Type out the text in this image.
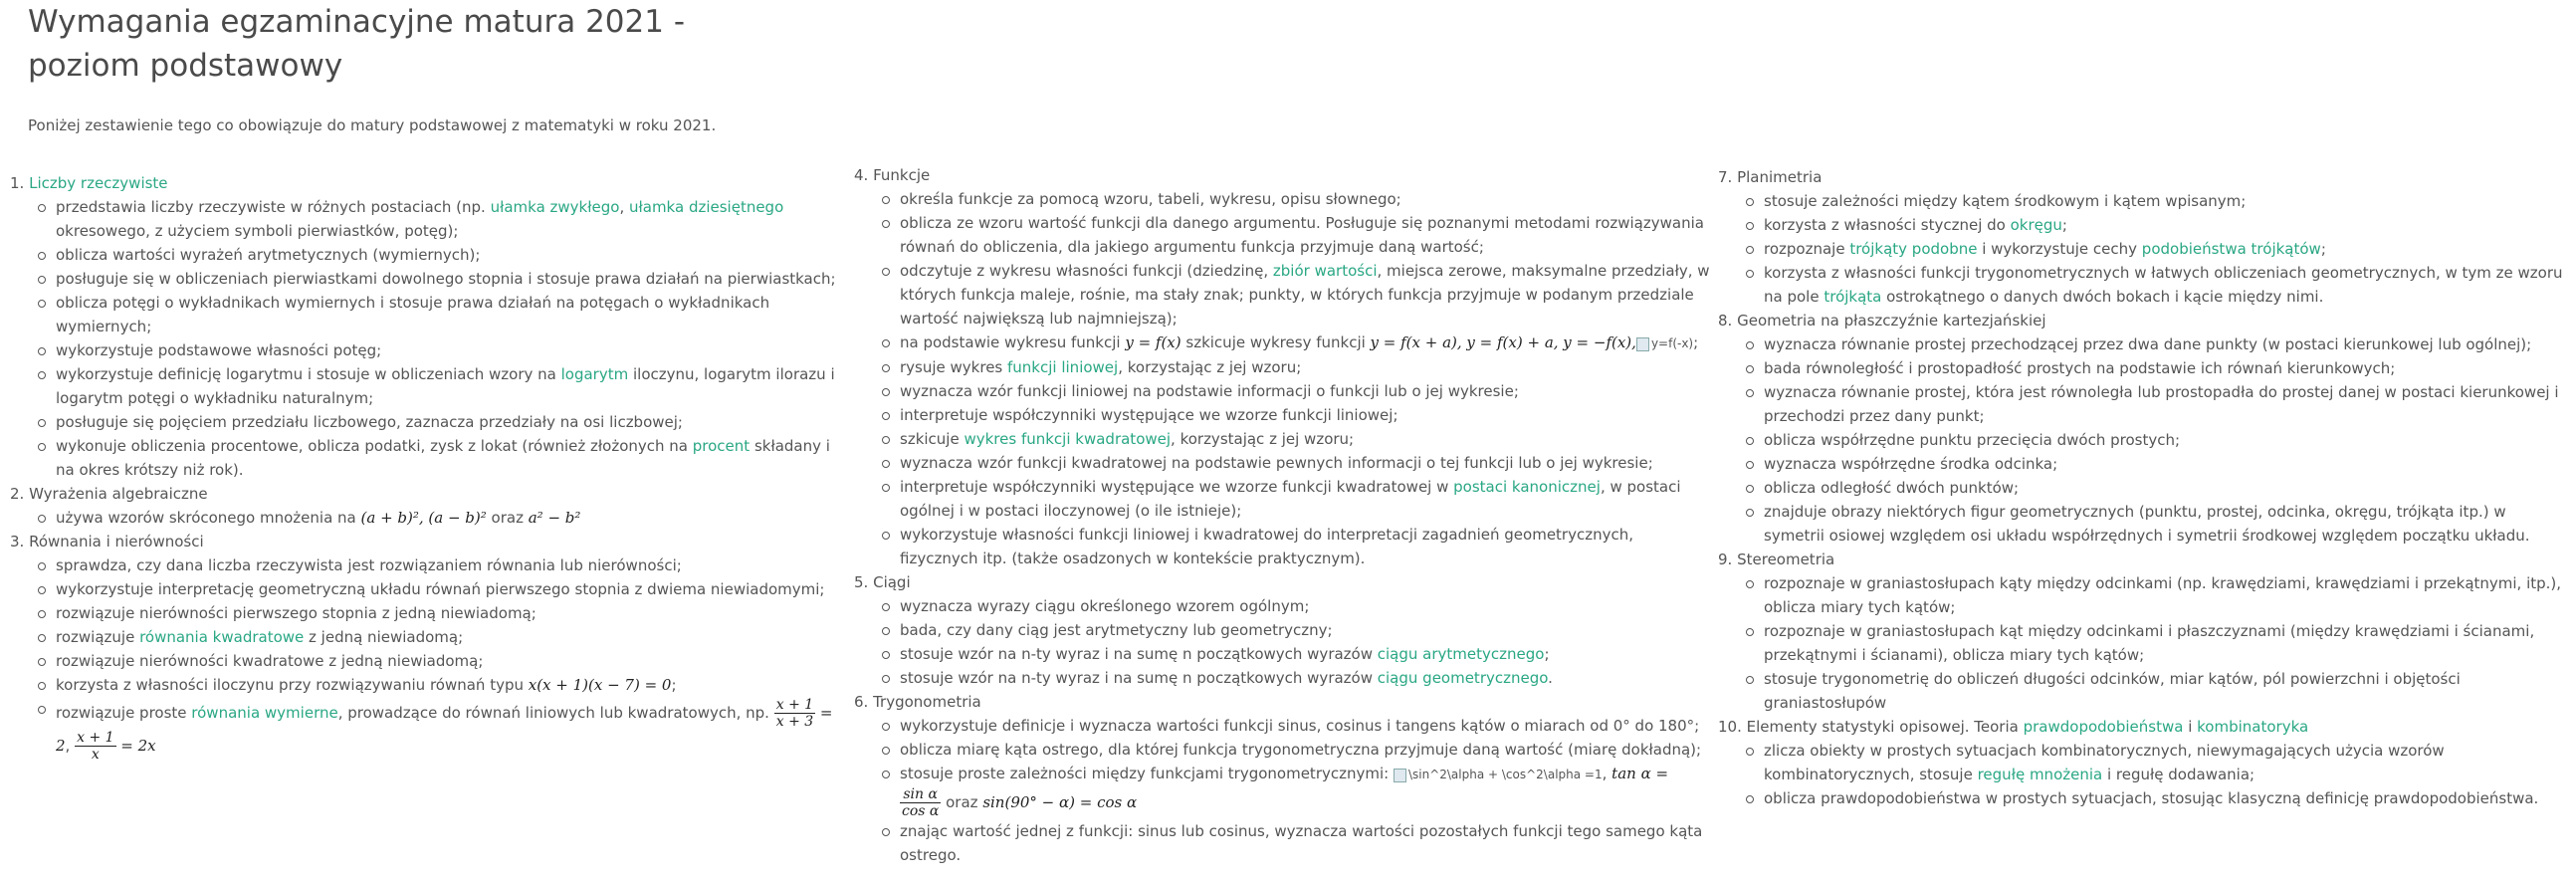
Wymagania egzaminacyjne matura 2021 - poziom podstawowy

Poniżej zestawienie tego co obowiązuje do matury podstawowej z matematyki w roku 2021.

1. Liczby rzeczywiste
przedstawia liczby rzeczywiste w różnych postaciach (np. ułamka zwykłego, ułamka dziesiętnego okresowego, z użyciem symboli pierwiastków, potęg);
oblicza wartości wyrażeń arytmetycznych (wymiernych);
posługuje się w obliczeniach pierwiastkami dowolnego stopnia i stosuje prawa działań na pierwiastkach;
oblicza potęgi o wykładnikach wymiernych i stosuje prawa działań na potęgach o wykładnikach wymiernych;
wykorzystuje podstawowe własności potęg;
wykorzystuje definicję logarytmu i stosuje w obliczeniach wzory na logarytm iloczynu, logarytm ilorazu i logarytm potęgi o wykładniku naturalnym;
posługuje się pojęciem przedziału liczbowego, zaznacza przedziały na osi liczbowej;
wykonuje obliczenia procentowe, oblicza podatki, zysk z lokat (również złożonych na procent składany i na okres krótszy niż rok).
2. Wyrażenia algebraiczne
używa wzorów skróconego mnożenia na (a + b)², (a − b)² oraz a² − b²
3. Równania i nierówności
sprawdza, czy dana liczba rzeczywista jest rozwiązaniem równania lub nierówności;
wykorzystuje interpretację geometryczną układu równań pierwszego stopnia z dwiema niewiadomymi;
rozwiązuje nierówności pierwszego stopnia z jedną niewiadomą;
rozwiązuje równania kwadratowe z jedną niewiadomą;
rozwiązuje nierówności kwadratowe z jedną niewiadomą;
korzysta z własności iloczynu przy rozwiązywaniu równań typu x(x + 1)(x − 7) = 0;
rozwiązuje proste równania wymierne, prowadzące do równań liniowych lub kwadratowych, np. $\frac{x + 1}{x + 3} = 2$, $\frac{x + 1}{x} = 2x$
4. Funkcje
określa funkcje za pomocą wzoru, tabeli, wykresu, opisu słownego;
oblicza ze wzoru wartość funkcji dla danego argumentu. Posługuje się poznanymi metodami rozwiązywania równań do obliczenia, dla jakiego argumentu funkcja przyjmuje daną wartość;
odczytuje z wykresu własności funkcji (dziedzinę, zbiór wartości, miejsca zerowe, maksymalne przedziały, w których funkcja maleje, rośnie, ma stały znak; punkty, w których funkcja przyjmuje w podanym przedziale wartość największą lub najmniejszą);
na podstawie wykresu funkcji y = f(x) szkicuje wykresy funkcji y = f(x + a), y = f(x) + a, y = −f(x), y=f(-x);
rysuje wykres funkcji liniowej, korzystając z jej wzoru;
wyznacza wzór funkcji liniowej na podstawie informacji o funkcji lub o jej wykresie;
interpretuje współczynniki występujące we wzorze funkcji liniowej;
szkicuje wykres funkcji kwadratowej, korzystając z jej wzoru;
wyznacza wzór funkcji kwadratowej na podstawie pewnych informacji o tej funkcji lub o jej wykresie;
interpretuje współczynniki występujące we wzorze funkcji kwadratowej w postaci kanonicznej, w postaci ogólnej i w postaci iloczynowej (o ile istnieje);
wykorzystuje własności funkcji liniowej i kwadratowej do interpretacji zagadnień geometrycznych, fizycznych itp. (także osadzonych w kontekście praktycznym).
5. Ciągi
wyznacza wyrazy ciągu określonego wzorem ogólnym;
bada, czy dany ciąg jest arytmetyczny lub geometryczny;
stosuje wzór na n-ty wyraz i na sumę n początkowych wyrazów ciągu arytmetycznego;
stosuje wzór na n-ty wyraz i na sumę n początkowych wyrazów ciągu geometrycznego.
6. Trygonometria
wykorzystuje definicje i wyznacza wartości funkcji sinus, cosinus i tangens kątów o miarach od 0° do 180°;
oblicza miarę kąta ostrego, dla której funkcja trygonometryczna przyjmuje daną wartość (miarę dokładną);
stosuje proste zależności między funkcjami trygonometrycznymi: \sin^2\alpha + \cos^2\alpha =1, tan α =
$\frac{\text{sin α}}{\text{cos α}}$ oraz sin(90° − α) = cos α
znając wartość jednej z funkcji: sinus lub cosinus, wyznacza wartości pozostałych funkcji tego samego kąta ostrego.
7. Planimetria
stosuje zależności między kątem środkowym i kątem wpisanym;
korzysta z własności stycznej do okręgu;
rozpoznaje trójkąty podobne i wykorzystuje cechy podobieństwa trójkątów;
korzysta z własności funkcji trygonometrycznych w łatwych obliczeniach geometrycznych, w tym ze wzoru na pole trójkąta ostrokątnego o danych dwóch bokach i kącie między nimi.
8. Geometria na płaszczyźnie kartezjańskiej
wyznacza równanie prostej przechodzącej przez dwa dane punkty (w postaci kierunkowej lub ogólnej);
bada równoległość i prostopadłość prostych na podstawie ich równań kierunkowych;
wyznacza równanie prostej, która jest równoległa lub prostopadła do prostej danej w postaci kierunkowej i przechodzi przez dany punkt;
oblicza współrzędne punktu przecięcia dwóch prostych;
wyznacza współrzędne środka odcinka;
oblicza odległość dwóch punktów;
znajduje obrazy niektórych figur geometrycznych (punktu, prostej, odcinka, okręgu, trójkąta itp.) w symetrii osiowej względem osi układu współrzędnych i symetrii środkowej względem początku układu.
9. Stereometria
rozpoznaje w graniastosłupach kąty między odcinkami (np. krawędziami, krawędziami i przekątnymi, itp.), oblicza miary tych kątów;
rozpoznaje w graniastosłupach kąt między odcinkami i płaszczyznami (między krawędziami i ścianami, przekątnymi i ścianami), oblicza miary tych kątów;
stosuje trygonometrię do obliczeń długości odcinków, miar kątów, pól powierzchni i objętości graniastosłupów
10. Elementy statystyki opisowej. Teoria prawdopodobieństwa i kombinatoryka
zlicza obiekty w prostych sytuacjach kombinatorycznych, niewymagających użycia wzorów kombinatorycznych, stosuje regułę mnożenia i regułę dodawania;
oblicza prawdopodobieństwa w prostych sytuacjach, stosując klasyczną definicję prawdopodobieństwa.
